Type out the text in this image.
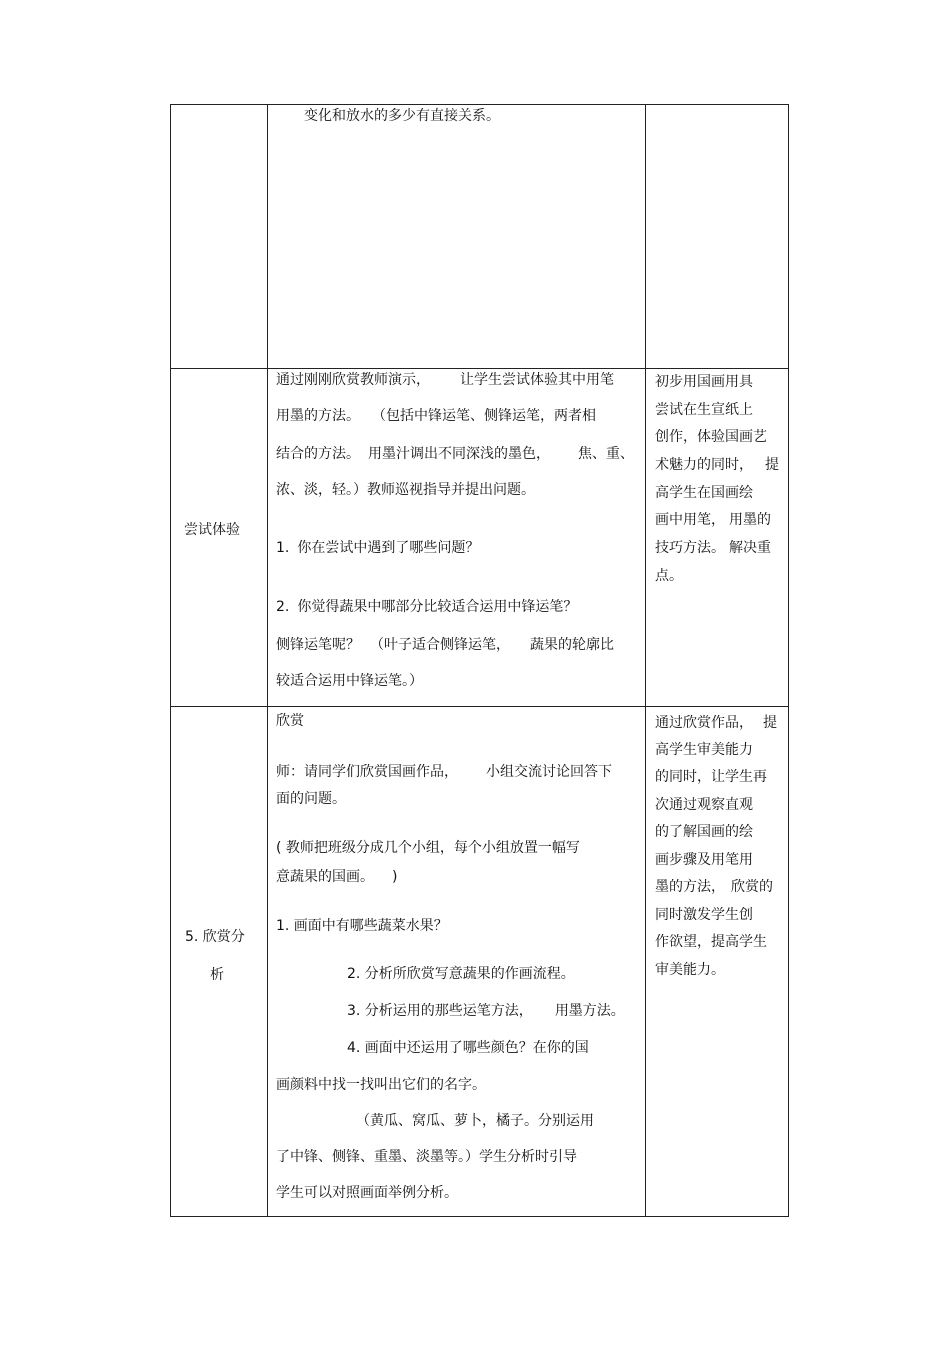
变化和放水的多少有直接关系。
尝试体验
通过刚刚欣赏教师演示， 让学生尝试体验其中用笔
用墨的方法。 （包括中锋运笔、侧锋运笔，两者相
结合的方法。 用墨汁调出不同深浅的墨色， 焦、重、
浓、淡，轻。）教师巡视指导并提出问题。
1. 你在尝试中遇到了哪些问题？
2. 你觉得蔬果中哪部分比较适合运用中锋运笔？
侧锋运笔呢？ （叶子适合侧锋运笔， 蔬果的轮廓比
较适合运用中锋运笔。）
初步用国画用具
尝试在生宣纸上
创作，体验国画艺
术魅力的同时， 提
高学生在国画绘
画中用笔， 用墨的
技巧方法。 解决重
点。
5. 欣赏分
析
欣赏
师：请同学们欣赏国画作品， 小组交流讨论回答下
面的问题。
( 教师把班级分成几个小组，每个小组放置一幅写
意蔬果的国画。 )
1. 画面中有哪些蔬菜水果？
2. 分析所欣赏写意蔬果的作画流程。
3. 分析运用的那些运笔方法， 用墨方法。
4. 画面中还运用了哪些颜色？在你的国
画颜料中找一找叫出它们的名字。
（黄瓜、窝瓜、萝卜，橘子。分别运用
了中锋、侧锋、重墨、淡墨等。）学生分析时引导
学生可以对照画面举例分析。
通过欣赏作品， 提
高学生审美能力
的同时，让学生再
次通过观察直观
的了解国画的绘
画步骤及用笔用
墨的方法， 欣赏的
同时激发学生创
作欲望，提高学生
审美能力。
